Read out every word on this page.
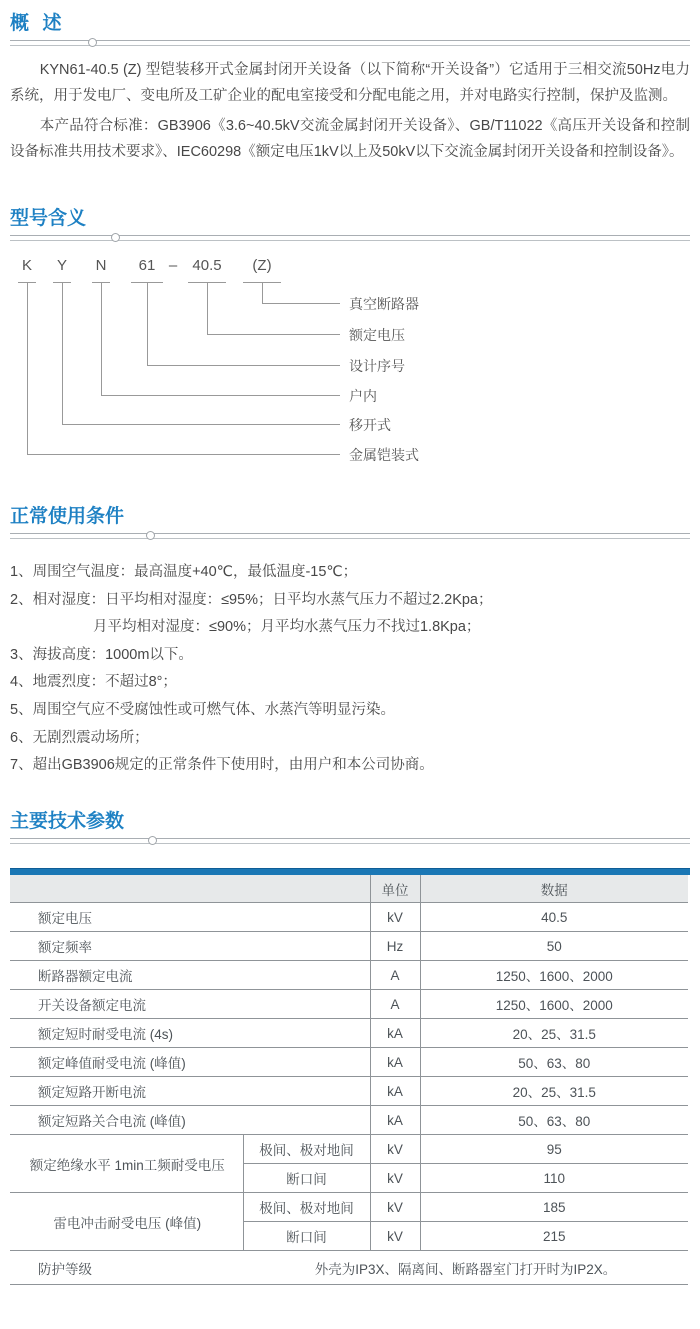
概  述

KYN61-40.5 (Z) 型铠装移开式金属封闭开关设备（以下简称“开关设备”）它适用于三相交流50Hz电力系统，用于发电厂、变电所及工矿企业的配电室接受和分配电能之用，并对电路实行控制，保护及监测。

本产品符合标准：GB3906《3.6~40.5kV交流金属封闭开关设备》、GB/T11022《高压开关设备和控制设备标准共用技术要求》、IEC60298《额定电压1kV以上及50kV以下交流金属封闭开关设备和控制设备》。

型号含义
K Y N 61 – 40.5 (Z)
真空断路器
额定电压
设计序号
户内
移开式
金属铠装式
正常使用条件
1、周围空气温度：最高温度+40℃，最低温度-15℃；
2、相对湿度：日平均相对湿度：≤95%；日平均水蒸气压力不超过2.2Kpa；
月平均相对湿度：≤90%；月平均水蒸气压力不找过1.8Kpa；
3、海拔高度：1000m以下。
4、地震烈度：不超过8°；
5、周围空气应不受腐蚀性或可燃气体、水蒸汽等明显污染。
6、无剧烈震动场所；
7、超出GB3906规定的正常条件下使用时，由用户和本公司协商。
主要技术参数
		单位	数据
额定电压		kV	40.5
额定频率		Hz	50
断路器额定电流		A	1250、1600、2000
开关设备额定电流		A	1250、1600、2000
额定短时耐受电流 (4s)		kA	20、25、31.5
额定峰值耐受电流 (峰值)		kA	50、63、80
额定短路开断电流		kA	20、25、31.5
额定短路关合电流 (峰值)		kA	50、63、80
额定绝缘水平 1min工频耐受电压	极间、极对地间	kV	95
	断口间	kV	110
雷电冲击耐受电压 (峰值)	极间、极对地间	kV	185
	断口间	kV	215
防护等级	外壳为IP3X、隔离间、断路器室门打开时为IP2X。		
